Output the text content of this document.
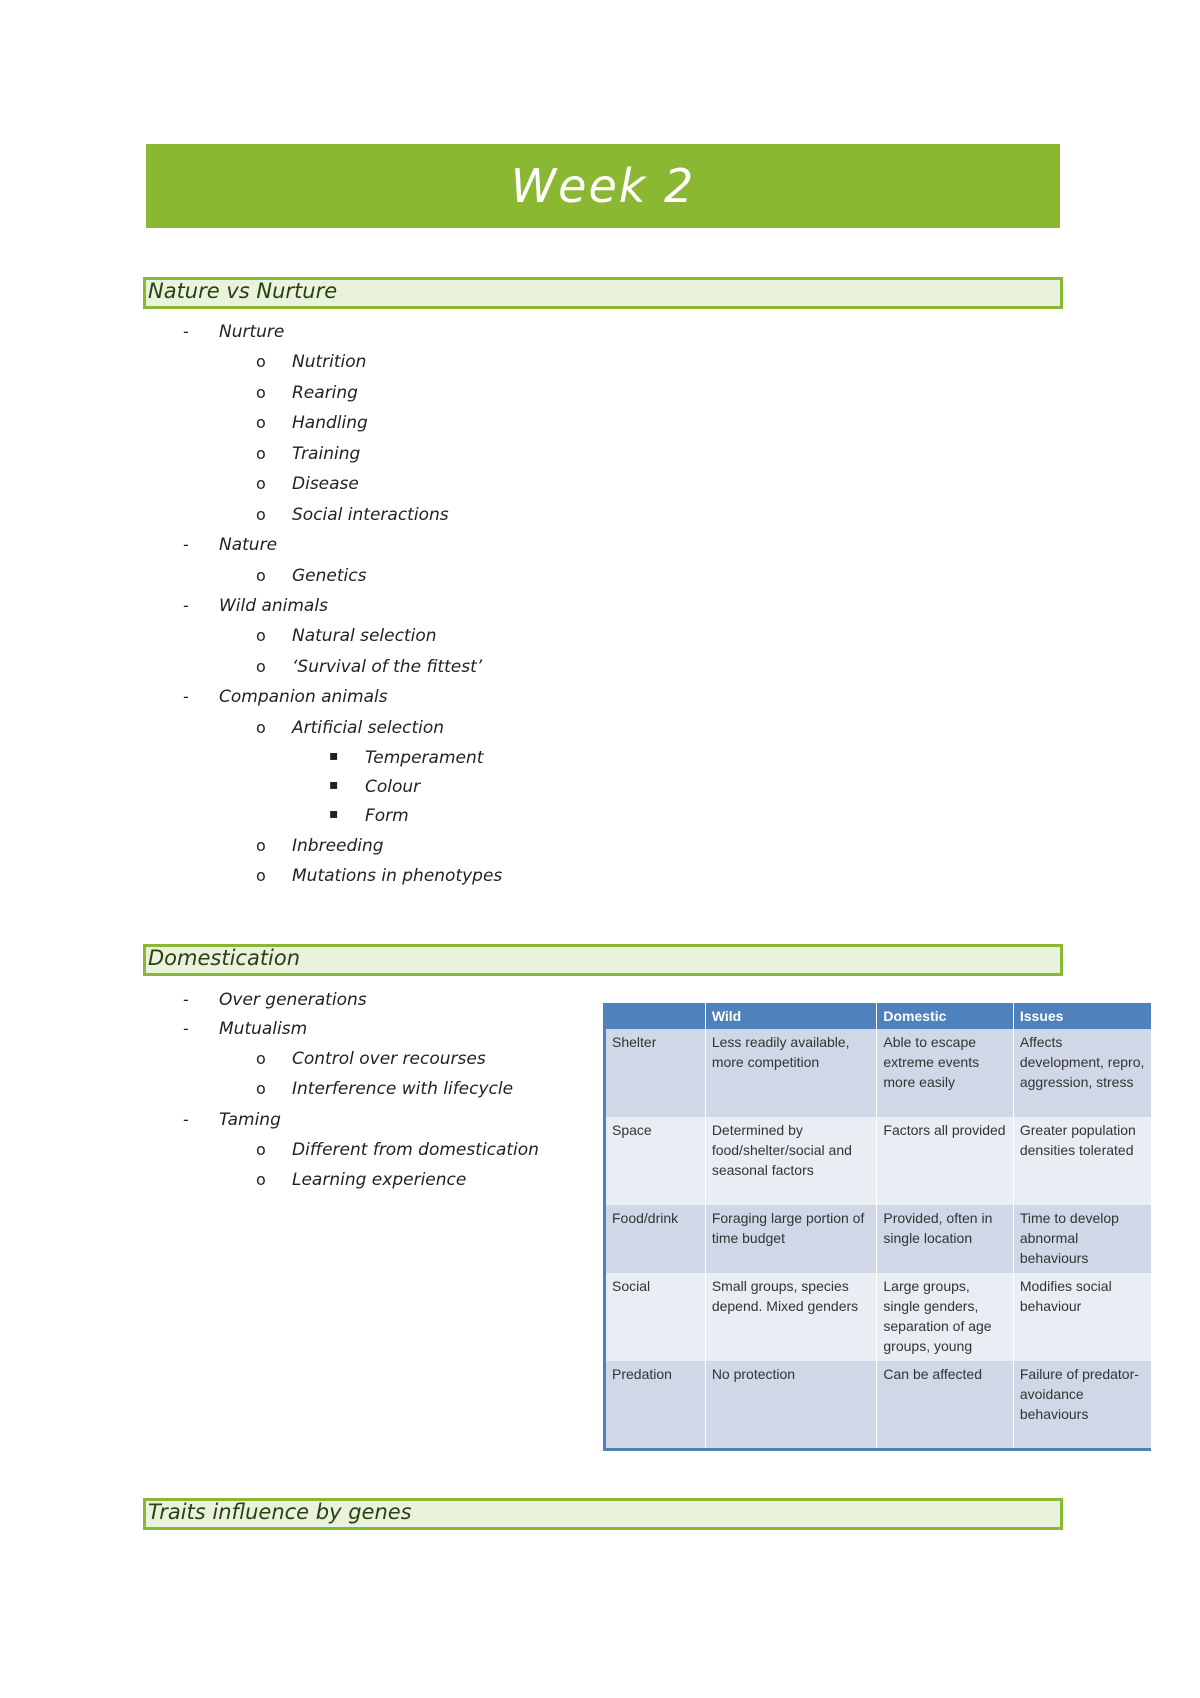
Week 2
Nature vs Nurture
- Nurture
o Nutrition
o Rearing
o Handling
o Training
o Disease
o Social interactions
- Nature
o Genetics
- Wild animals
o Natural selection
o ‘Survival of the fittest’
- Companion animals
o Artificial selection
▪ Temperament
▪ Colour
▪ Form
o Inbreeding
o Mutations in phenotypes
Domestication
- Over generations
- Mutualism
o Control over recourses
o Interference with lifecycle
- Taming
o Different from domestication
o Learning experience
	Wild	Domestic	Issues
Shelter	Less readily available, more competition	Able to escape extreme events more easily	Affects development, repro, aggression, stress
Space	Determined by food/shelter/social and seasonal factors	Factors all provided	Greater population densities tolerated
Food/drink	Foraging large portion of time budget	Provided, often in single location	Time to develop abnormal behaviours
Social	Small groups, species depend. Mixed genders	Large groups, single genders, separation of age groups, young	Modifies social behaviour
Predation	No protection	Can be affected	Failure of predator-avoidance behaviours
Traits influence by genes
